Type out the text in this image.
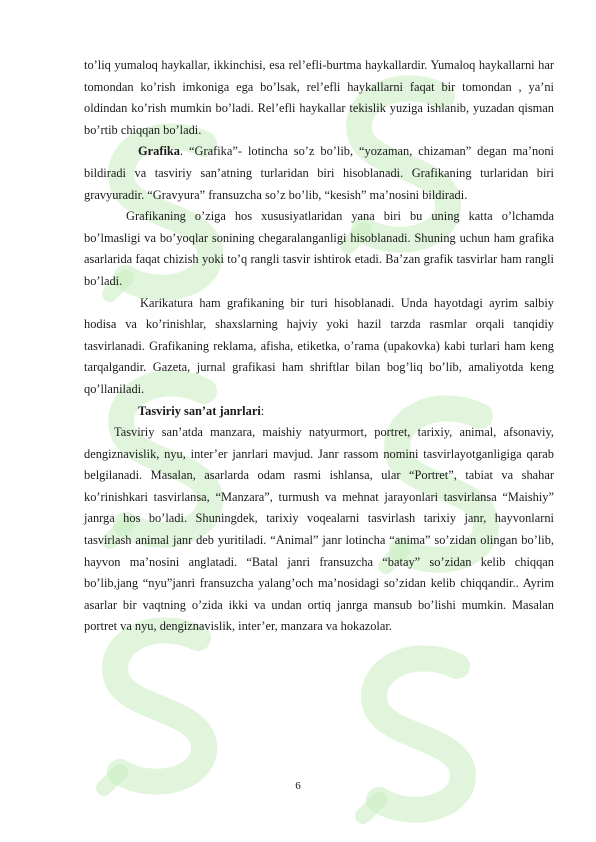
to’liq yumaloq haykallar, ikkinchisi, esa rel’efli-burtma haykallardir. Yumaloq haykallarni har tomondan ko’rish imkoniga ega bo’lsak, rel’efli haykallarni faqat bir tomondan , ya’ni oldindan ko’rish mumkin bo’ladi. Rel’efli haykallar tekislik yuziga ishlanib, yuzadan qisman bo’rtib chiqqan bo’ladi.

Grafika. “Grafika”- lotincha so’z bo’lib, “yozaman, chizaman” degan ma’noni bildiradi va tasviriy san’atning turlaridan biri hisoblanadi. Grafikaning turlaridan biri gravyuradir. “Gravyura” fransuzcha so’z bo’lib, “kesish” ma’nosini bildiradi.

Grafikaning o’ziga hos xususiyatlaridan yana biri bu uning katta o’lchamda bo’lmasligi va bo’yoqlar sonining chegaralanganligi hisoblanadi. Shuning uchun ham grafika asarlarida faqat chizish yoki to’q rangli tasvir ishtirok etadi. Ba’zan grafik tasvirlar ham rangli bo’ladi.

Karikatura ham grafikaning bir turi hisoblanadi. Unda hayotdagi ayrim salbiy hodisa va ko’rinishlar, shaxslarning hajviy yoki hazil tarzda rasmlar orqali tanqidiy tasvirlanadi. Grafikaning reklama, afisha, etiketka, o’rama (upakovka) kabi turlari ham keng tarqalgandir. Gazeta, jurnal grafikasi ham shriftlar bilan bog’liq bo’lib, amaliyotda keng qo’llaniladi.

Tasviriy san’at janrlari:

Tasviriy san’atda manzara, maishiy natyurmort, portret, tarixiy, animal, afsonaviy, dengiznavislik, nyu, inter’er janrlari mavjud. Janr rassom nomini tasvirlayotganligiga qarab belgilanadi. Masalan, asarlarda odam rasmi ishlansa, ular “Portret”, tabiat va shahar ko’rinishkari tasvirlansa, “Manzara”, turmush va mehnat jarayonlari tasvirlansa “Maishiy” janrga hos bo’ladi. Shuningdek, tarixiy voqealarni tasvirlash tarixiy janr, hayvonlarni tasvirlash animal janr deb yuritiladi. “Animal” janr lotincha “anima” so’zidan olingan bo’lib, hayvon ma’nosini anglatadi. “Batal janri fransuzcha “batay” so’zidan kelib chiqqan bo’lib,jang “nyu”janri fransuzcha yalang’och ma’nosidagi so’zidan kelib chiqqandir.. Ayrim asarlar bir vaqtning o’zida ikki va undan ortiq janrga mansub bo’lishi mumkin. Masalan portret va nyu, dengiznavislik, inter’er, manzara va hokazolar.

6
